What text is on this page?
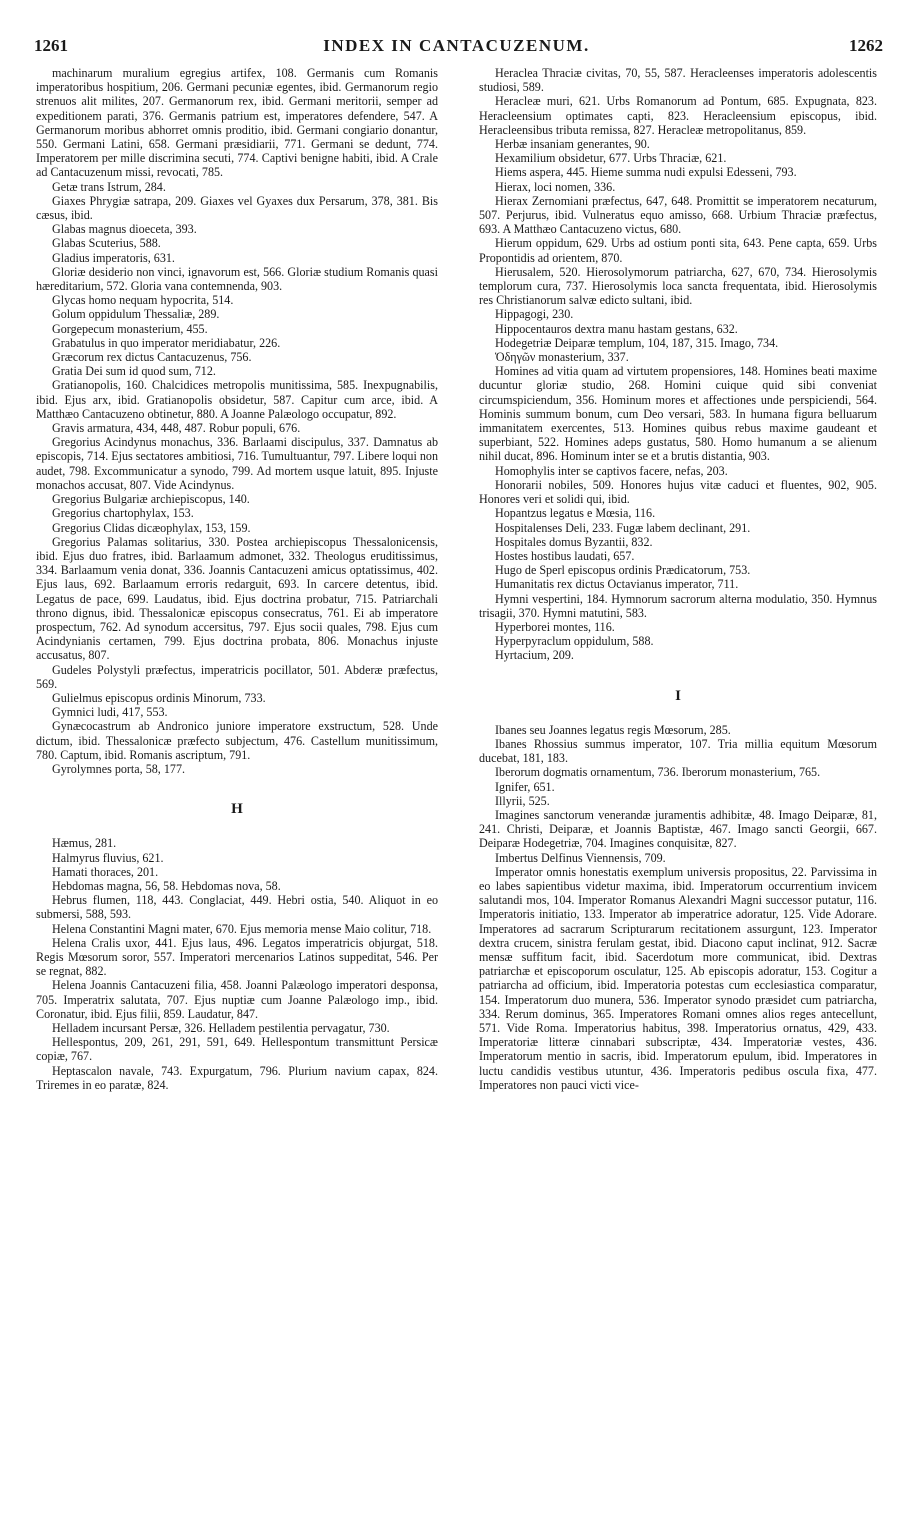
1261	INDEX IN CANTACUZENUM.	1262

machinarum muralium egregius artifex, 108. Germanis cum Romanis imperatoribus hospitium, 206. Germani pecuniæ egentes, ibid. Germanorum regio strenuos alit milites, 207. Germanorum rex, ibid. Germani meritorii, semper ad expeditionem parati, 376. Germanis patrium est, imperatores defendere, 547. A Germanorum moribus abhorret omnis proditio, ibid. Germani congiario donantur, 550. Germani Latini, 658. Germani præsidiarii, 771. Germani se dedunt, 774. Imperatorem per mille discrimina secuti, 774. Captivi benigne habiti, ibid. A Crale ad Cantacuzenum missi, revocati, 785.

Getæ trans Istrum, 284.

Giaxes Phrygiæ satrapa, 209. Giaxes vel Gyaxes dux Persarum, 378, 381. Bis cæsus, ibid.

Glabas magnus dioecetа, 393.

Glabas Scuterius, 588.

Gladius imperatoris, 631.

Gloriæ desiderio non vinci, ignavorum est, 566. Gloriæ studium Romanis quasi hæreditarium, 572. Gloria vana contemnenda, 903.

Glycas homo nequam hypocrita, 514.

Golum oppidulum Thessaliæ, 289.

Gorgepecum monasterium, 455.

Grabatulus in quo imperator meridiabatur, 226.

Græcorum rex dictus Cantacuzenus, 756.

Gratia Dei sum id quod sum, 712.

Gratianopolis, 160. Chalcidices metropolis munitissima, 585. Inexpugnabilis, ibid. Ejus arx, ibid. Gratianopolis obsidetur, 587. Capitur cum arce, ibid. A Matthæo Cantacuzeno obtinetur, 880. A Joanne Palæologo occupatur, 892.

Gravis armatura, 434, 448, 487. Robur populi, 676.

Gregorius Acindynus monachus, 336. Barlaami discipulus, 337. Damnatus ab episcopis, 714. Ejus sectatores ambitiosi, 716. Tumultuantur, 797. Libere loqui non audet, 798. Excommunicatur a synodo, 799. Ad mortem usque latuit, 895. Injuste monachos accusat, 807. Vide Acindynus.

Gregorius Bulgariæ archiepiscopus, 140.

Gregorius chartophylax, 153.

Gregorius Clidas dicæophylax, 153, 159.

Gregorius Palamas solitarius, 330. Postea archiepiscopus Thessalonicensis, ibid. Ejus duo fratres, ibid. Barlaamum admonet, 332. Theologus eruditissimus, 334. Barlaamum venia donat, 336. Joannis Cantacuzeni amicus optatissimus, 402. Ejus laus, 692. Barlaamum erroris redarguit, 693. In carcere detentus, ibid. Legatus de pace, 699. Laudatus, ibid. Ejus doctrina probatur, 715. Patriarchali throno dignus, ibid. Thessalonicæ episcopus consecratus, 761. Ei ab imperatore prospectum, 762. Ad synodum accersitus, 797. Ejus socii quales, 798. Ejus cum Acindynianis certamen, 799. Ejus doctrina probata, 806. Monachus injuste accusatus, 807.

Gudeles Polystyli præfectus, imperatricis pocillator, 501. Abderæ præfectus, 569.

Gulielmus episcopus ordinis Minorum, 733.

Gymnici ludi, 417, 553.

Gynæcocastrum ab Andronico juniore imperatore exstructum, 528. Unde dictum, ibid. Thessalonicæ præfecto subjectum, 476. Castellum munitissimum, 780. Captum, ibid. Romanis ascriptum, 791.

Gyrolymnes porta, 58, 177.

H

Hæmus, 281.

Halmyrus fluvius, 621.

Hamati thoraces, 201.

Hebdomas magna, 56, 58. Hebdomas nova, 58.

Hebrus flumen, 118, 443. Conglaciat, 449. Hebri ostia, 540. Aliquot in eo submersi, 588, 593.

Helena Constantini Magni mater, 670. Ejus memoria mense Maio colitur, 718.

Helena Cralis uxor, 441. Ejus laus, 496. Legatos imperatricis objurgat, 518. Regis Mœsorum soror, 557. Imperatori mercenarios Latinos suppeditat, 546. Per se regnat, 882.

Helena Joannis Cantacuzeni filia, 458. Joanni Palæologo imperatori desponsa, 705. Imperatrix salutata, 707. Ejus nuptiæ cum Joanne Palæologo imp., ibid. Coronatur, ibid. Ejus filii, 859. Laudatur, 847.

Helladem incursant Persæ, 326. Helladem pestilentia pervagatur, 730.

Hellespontus, 209, 261, 291, 591, 649. Hellespontum transmittunt Persicæ copiæ, 767.

Heptascalon navale, 743. Expurgatum, 796. Plurium navium capax, 824. Triremes in eo paratæ, 824.

Heraclea Thraciæ civitas, 70, 55, 587. Heracleenses imperatoris adolescentis studiosi, 589.

Heracleæ muri, 621. Urbs Romanorum ad Pontum, 685. Expugnata, 823. Heracleensium optimates capti, 823. Heracleensium episcopus, ibid. Heracleensibus tributa remissa, 827. Heracleæ metropolitanus, 859.

Herbæ insaniam generantes, 90.

Hexamilium obsidetur, 677. Urbs Thraciæ, 621.

Hiems aspera, 445. Hieme summa nudi expulsi Edesseni, 793.

Hierax, loci nomen, 336.

Hierax Zernomiani præfectus, 647, 648. Promittit se imperatorem necaturum, 507. Perjurus, ibid. Vulneratus equo amisso, 668. Urbium Thraciæ præfectus, 693. A Matthæo Cantacuzeno victus, 680.

Hierum oppidum, 629. Urbs ad ostium ponti sita, 643. Pene capta, 659. Urbs Propontidis ad orientem, 870.

Hierusalem, 520. Hierosolymorum patriarcha, 627, 670, 734. Hierosolymis templorum cura, 737. Hierosolymis loca sancta frequentata, ibid. Hierosolymis res Christianorum salvæ edicto sultani, ibid.

Hippagogi, 230.

Hippocentauros dextra manu hastam gestans, 632.

Hodegetriæ Deiparæ templum, 104, 187, 315. Imago, 734.

Ὁδηγῶν monasterium, 337.

Homines ad vitia quam ad virtutem propensiores, 148. Homines beati maxime ducuntur gloriæ studio, 268. Homini cuique quid sibi conveniat circumspiciendum, 356. Hominum mores et affectiones unde perspiciendi, 564. Hominis summum bonum, cum Deo versari, 583. In humana figura belluarum immanitatem exercentes, 513. Homines quibus rebus maxime gaudeant et superbiant, 522. Homines adeps gustatus, 580. Homo humanum a se alienum nihil ducat, 896. Hominum inter se et a brutis distantia, 903.

Homophylis inter se captivos facere, nefas, 203.

Honorarii nobiles, 509. Honores hujus vitæ caduci et fluentes, 902, 905. Honores veri et solidi qui, ibid.

Hopantzus legatus e Mœsia, 116.

Hospitalenses Deli, 233. Fugæ labem declinant, 291.

Hospitales domus Byzantii, 832.

Hostes hostibus laudati, 657.

Hugo de Sperl episcopus ordinis Prædicatorum, 753.

Humanitatis rex dictus Octavianus imperator, 711.

Hymni vespertini, 184. Hymnorum sacrorum alterna modulatio, 350. Hymnus trisagii, 370. Hymni matutini, 583.

Hyperborei montes, 116.

Hyperpyraclum oppidulum, 588.

Hyrtacium, 209.

I

Ibanes seu Joannes legatus regis Mœsorum, 285.

Ibanes Rhossius summus imperator, 107. Tria millia equitum Mœsorum ducebat, 181, 183.

Iberorum dogmatis ornamentum, 736. Iberorum monasterium, 765.

Ignifer, 651.

Illyrii, 525.

Imagines sanctorum venerandæ juramentis adhibitæ, 48. Imago Deiparæ, 81, 241. Christi, Deiparæ, et Joannis Baptistæ, 467. Imago sancti Georgii, 667. Deiparæ Hodegetriæ, 704. Imagines conquisitæ, 827.

Imbertus Delfinus Viennensis, 709.

Imperator omnis honestatis exemplum universis propositus, 22. Parvissima in eo labes sapientibus videtur maxima, ibid. Imperatorum occurrentium invicem salutandi mos, 104. Imperator Romanus Alexandri Magni successor putatur, 116. Imperatoris initiatio, 133. Imperator ab imperatrice adoratur, 125. Vide Adorare. Imperatores ad sacrarum Scripturarum recitationem assurgunt, 123. Imperator dextra crucem, sinistra ferulam gestat, ibid. Diacono caput inclinat, 912. Sacræ mensæ suffitum facit, ibid. Sacerdotum more communicat, ibid. Dextras patriarchæ et episcoporum osculatur, 125. Ab episcopis adoratur, 153. Cogitur a patriarcha ad officium, ibid. Imperatoria potestas cum ecclesiastica comparatur, 154. Imperatorum duo munera, 536. Imperator synodo præsidet cum patriarcha, 334. Rerum dominus, 365. Imperatores Romani omnes alios reges antecellunt, 571. Vide Roma. Imperatorius habitus, 398. Imperatorius ornatus, 429, 433. Imperatoriæ litteræ cinnabari subscriptæ, 434. Imperatoriæ vestes, 436. Imperatorum mentio in sacris, ibid. Imperatorum epulum, ibid. Imperatores in luctu candidis vestibus utuntur, 436. Imperatoris pedibus oscula fixa, 477. Imperatores non pauci victi vice-
